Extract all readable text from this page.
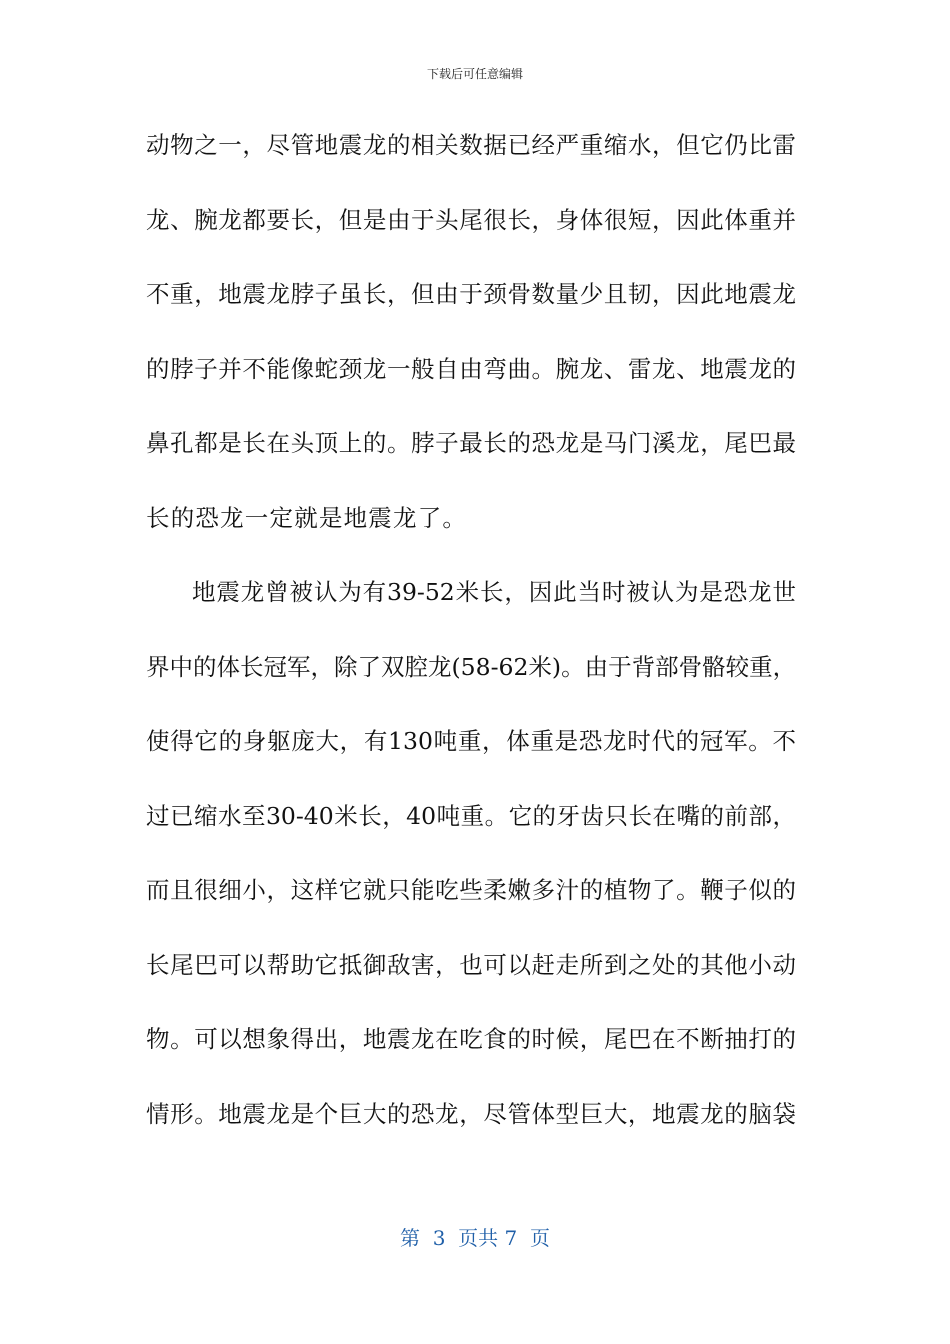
下载后可任意编辑
动物之一，尽管地震龙的相关数据已经严重缩水，但它仍比雷
龙、腕龙都要长，但是由于头尾很长，身体很短，因此体重并
不重，地震龙脖子虽长，但由于颈骨数量少且韧，因此地震龙
的脖子并不能像蛇颈龙一般自由弯曲。腕龙、雷龙、地震龙的
鼻孔都是长在头顶上的。脖子最长的恐龙是马门溪龙，尾巴最
长的恐龙一定就是地震龙了。
地震龙曾被认为有39-52米长，因此当时被认为是恐龙世
界中的体长冠军，除了双腔龙(58-62米)。由于背部骨骼较重，
使得它的身躯庞大，有130吨重，体重是恐龙时代的冠军。不
过已缩水至30-40米长，40吨重。它的牙齿只长在嘴的前部，
而且很细小，这样它就只能吃些柔嫩多汁的植物了。鞭子似的
长尾巴可以帮助它抵御敌害，也可以赶走所到之处的其他小动
物。可以想象得出，地震龙在吃食的时候，尾巴在不断抽打的
情形。地震龙是个巨大的恐龙，尽管体型巨大，地震龙的脑袋
第  3  页共 7  页
